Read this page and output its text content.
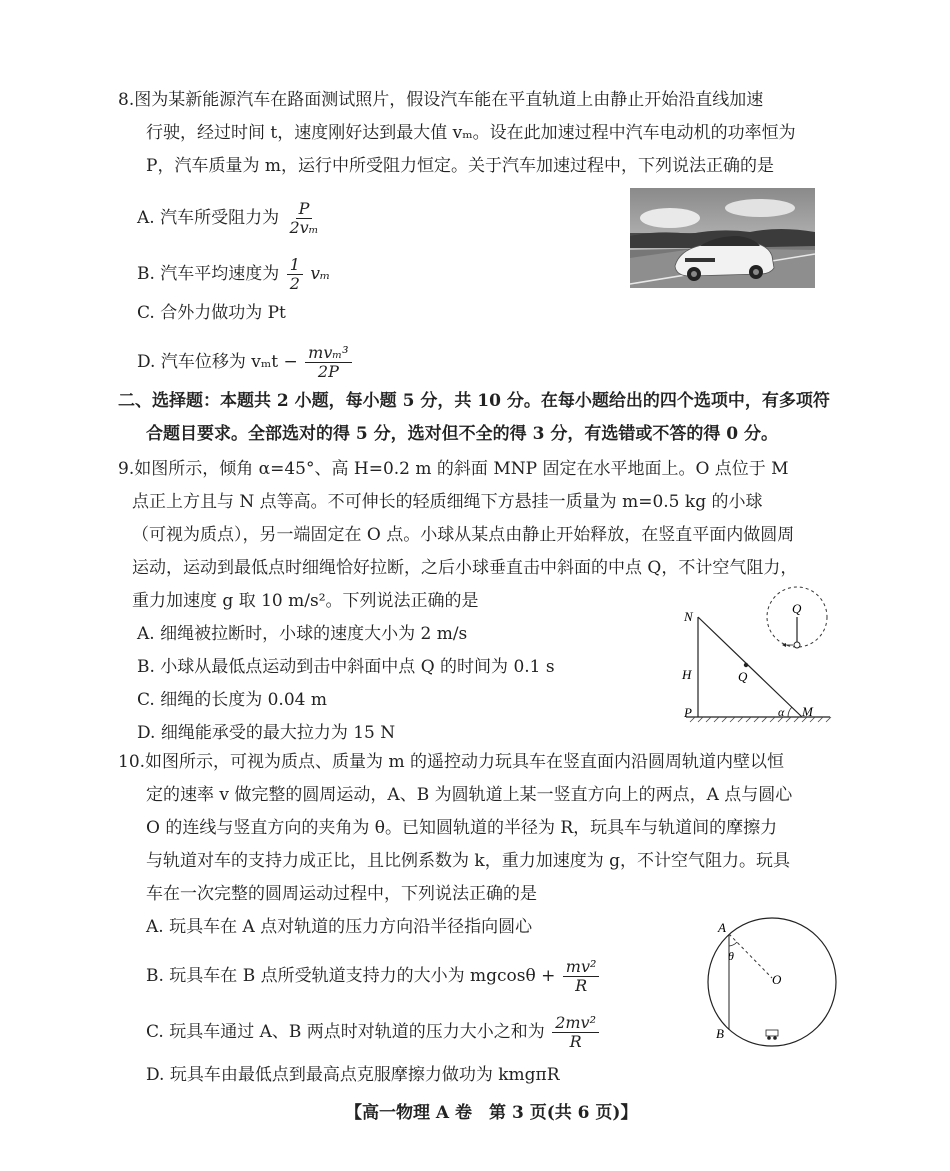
8.图为某新能源汽车在路面测试照片，假设汽车能在平直轨道上由静止开始沿直线加速
行驶，经过时间 t，速度刚好达到最大值 vₘ。设在此加速过程中汽车电动机的功率恒为
P，汽车质量为 m，运行中所受阻力恒定。关于汽车加速过程中，下列说法正确的是
A. 汽车所受阻力为 $\frac{P}{\text{2vₘ}}$
B. 汽车平均速度为 $\frac{1}{2}$ vₘ
C. 合外力做功为 Pt
D. 汽车位移为 $v_mt - \frac{\text{mvₘ³}}{2P}$
二、选择题：本题共 2 小题，每小题 5 分，共 10 分。在每小题给出的四个选项中，有多项符
合题目要求。全部选对的得 5 分，选对但不全的得 3 分，有选错或不答的得 0 分。
9.如图所示，倾角 α=45°、高 H=0.2 m 的斜面 MNP 固定在水平地面上。O 点位于 M
点正上方且与 N 点等高。不可伸长的轻质细绳下方悬挂一质量为 m=0.5 kg 的小球
（可视为质点），另一端固定在 O 点。小球从某点由静止开始释放，在竖直平面内做圆周
运动，运动到最低点时细绳恰好拉断，之后小球垂直击中斜面的中点 Q，不计空气阻力，
重力加速度 g 取 10 m/s²。下列说法正确的是
A. 细绳被拉断时，小球的速度大小为 2 m/s
B. 小球从最低点运动到击中斜面中点 Q 的时间为 0.1 s
C. 细绳的长度为 0.04 m
D. 细绳能承受的最大拉力为 15 N
N
H
P
Q
α M
Q
10.如图所示，可视为质点、质量为 m 的遥控动力玩具车在竖直面内沿圆周轨道内壁以恒
定的速率 v 做完整的圆周运动，A、B 为圆轨道上某一竖直方向上的两点，A 点与圆心
O 的连线与竖直方向的夹角为 θ。已知圆轨道的半径为 R，玩具车与轨道间的摩擦力
与轨道对车的支持力成正比，且比例系数为 k，重力加速度为 g，不计空气阻力。玩具
车在一次完整的圆周运动过程中，下列说法正确的是
A. 玩具车在 A 点对轨道的压力方向沿半径指向圆心
B. 玩具车在 B 点所受轨道支持力的大小为 $mgcos\theta + \frac{\text{mv²}}{R}$
C. 玩具车通过 A、B 两点时对轨道的压力大小之和为 $\frac{\text{2mv²}}{R}$
D. 玩具车由最低点到最高点克服摩擦力做功为 kmgπR
A
θ
O
B
【高一物理 A 卷　第 3 页(共 6 页)】
